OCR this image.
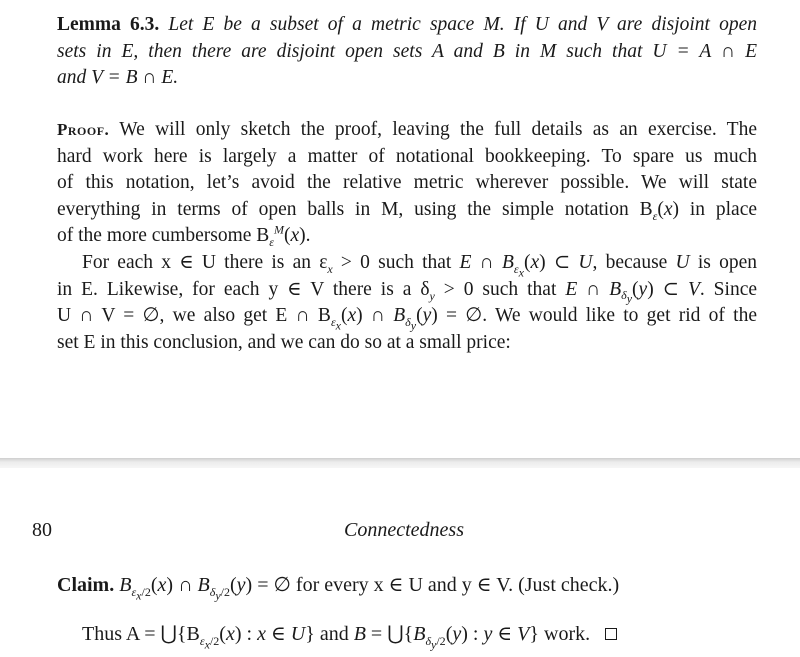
Lemma 6.3. Let E be a subset of a metric space M. If U and V are disjoint open
sets in E, then there are disjoint open sets A and B in M such that U = A ∩ E
and V = B ∩ E.
Proof. We will only sketch the proof, leaving the full details as an exercise. The
hard work here is largely a matter of notational bookkeeping. To spare us much
of this notation, let’s avoid the relative metric wherever possible. We will state
everything in terms of open balls in M, using the simple notation $B_\varepsilon(x)$ in place
of the more cumbersome $B_\varepsilon^M(x)$.
For each x ∈ U there is an $\varepsilon_x > 0$ such that E ∩ $B_{\varepsilon_x}(x)$ ⊂ U, because U is open
in E. Likewise, for each y ∈ V there is a $\delta_y > 0$ such that E ∩ $B_{\delta_y}(y)$ ⊂ V. Since
U ∩ V = ∅, we also get E ∩ $B_{\varepsilon_x}(x)$ ∩ $B_{\delta_y}(y)$ = ∅. We would like to get rid of the
set E in this conclusion, and we can do so at a small price:
80	Connectedness
Claim. $B_{\varepsilon_x/2}(x)$ ∩ $B_{\delta_y/2}(y)$ = ∅ for every x ∈ U and y ∈ V. (Just check.)
Thus $A = ⋃\{B_{\varepsilon_x/2}(x)$ : x ∈ U} and $B = ⋃\{B_{\delta_y/2}(y)$ : y ∈ V} work.
